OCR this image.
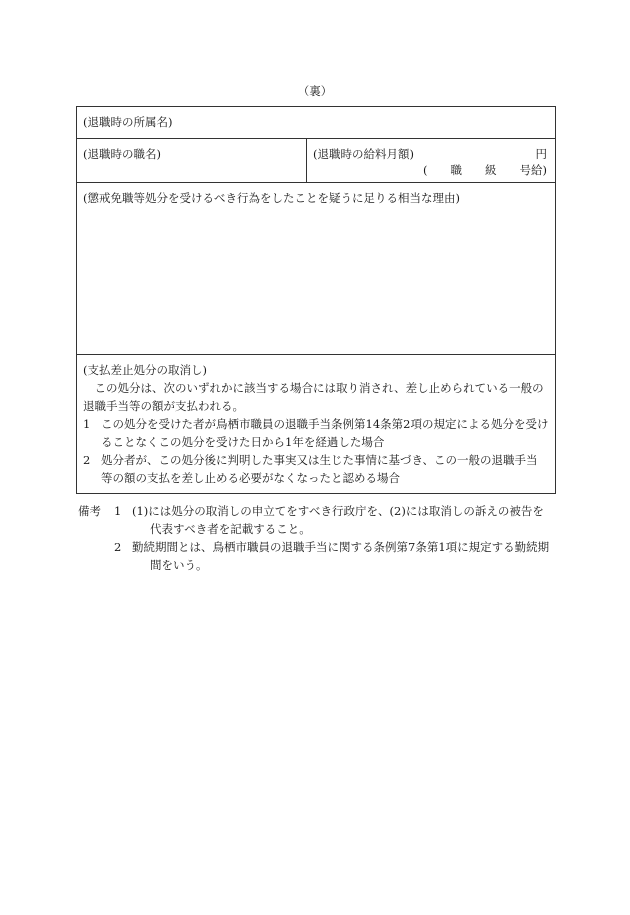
（裏）
(退職時の所属名)
(退職時の職名)	(退職時の給料月額)	円
(　　職　　級　　号給)
(懲戒免職等処分を受けるべき行為をしたことを疑うに足りる相当な理由)
(支払差止処分の取消し)

この処分は、次のいずれかに該当する場合には取り消され、差し止められている一般の退職手当等の額が支払われる。

1 この処分を受けた者が鳥栖市職員の退職手当条例第14条第2項の規定による処分を受けることなくこの処分を受けた日から1年を経過した場合
2 処分者が、この処分後に判明した事実又は生じた事情に基づき、この一般の退職手当等の額の支払を差し止める必要がなくなったと認める場合
備考	1 (1)には処分の取消しの申立てをすべき行政庁を、(2)には取消しの訴えの被告を
代表すべき者を記載すること。
2 勤続期間とは、鳥栖市職員の退職手当に関する条例第7条第1項に規定する勤続期
間をいう。
